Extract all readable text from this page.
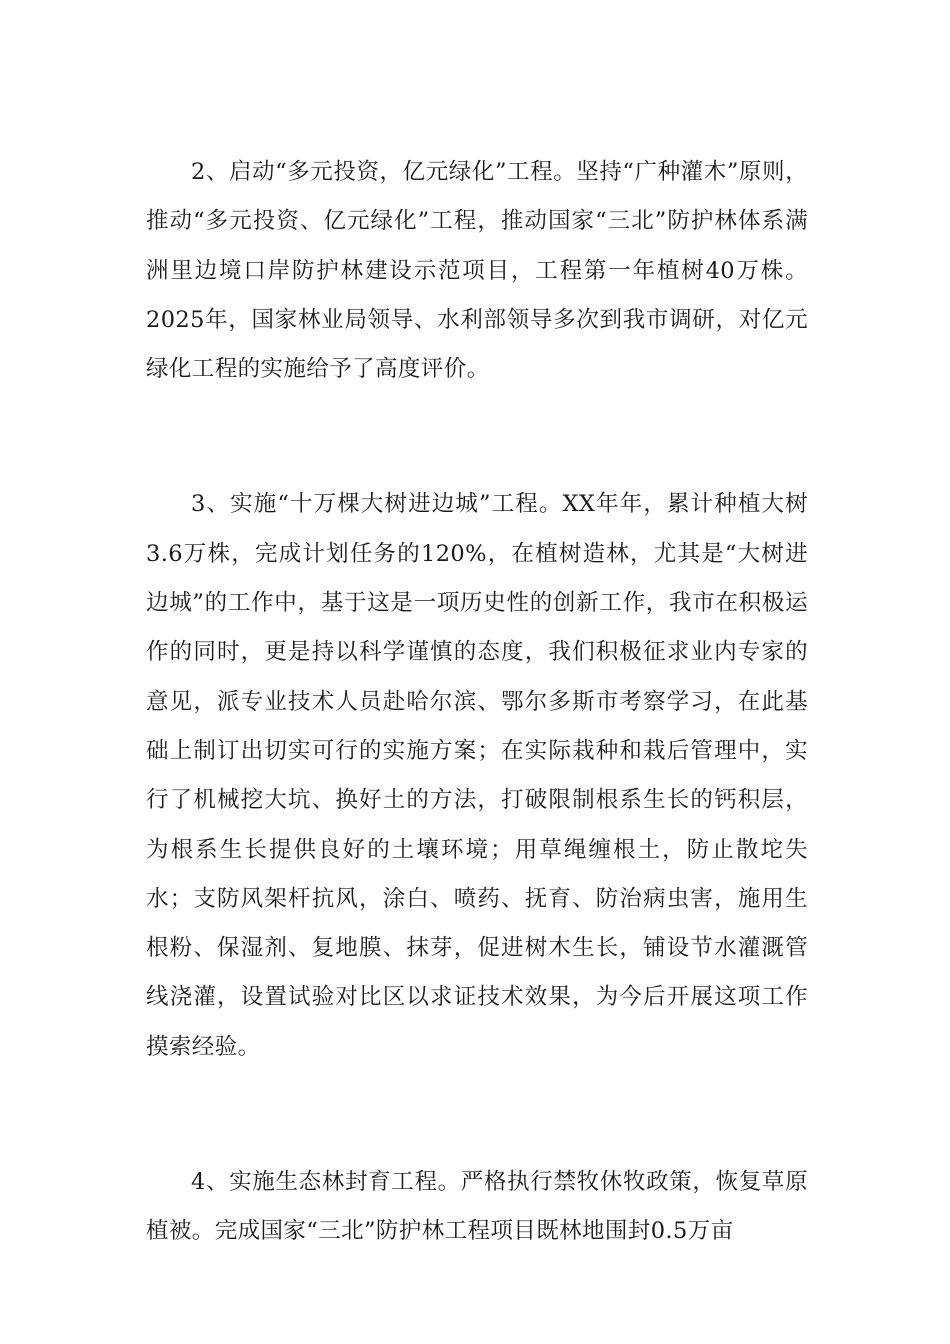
2、启动“多元投资，亿元绿化”工程。坚持“广种灌木”原则，推动“多元投资、亿元绿化”工程，推动国家“三北”防护林体系满洲里边境口岸防护林建设示范项目，工程第一年植树40万株。2025年，国家林业局领导、水利部领导多次到我市调研，对亿元绿化工程的实施给予了高度评价。

3、实施“十万棵大树进边城”工程。XX年年，累计种植大树3.6万株，完成计划任务的120%，在植树造林，尤其是“大树进边城”的工作中，基于这是一项历史性的创新工作，我市在积极运作的同时，更是持以科学谨慎的态度，我们积极征求业内专家的意见，派专业技术人员赴哈尔滨、鄂尔多斯市考察学习，在此基础上制订出切实可行的实施方案；在实际栽种和栽后管理中，实行了机械挖大坑、换好土的方法，打破限制根系生长的钙积层，为根系生长提供良好的土壤环境；用草绳缠根土，防止散坨失水；支防风架杆抗风，涂白、喷药、抚育、防治病虫害，施用生根粉、保湿剂、复地膜、抹芽，促进树木生长，铺设节水灌溉管线浇灌，设置试验对比区以求证技术效果，为今后开展这项工作摸索经验。

4、实施生态林封育工程。严格执行禁牧休牧政策，恢复草原植被。完成国家“三北”防护林工程项目既林地围封0.5万亩
